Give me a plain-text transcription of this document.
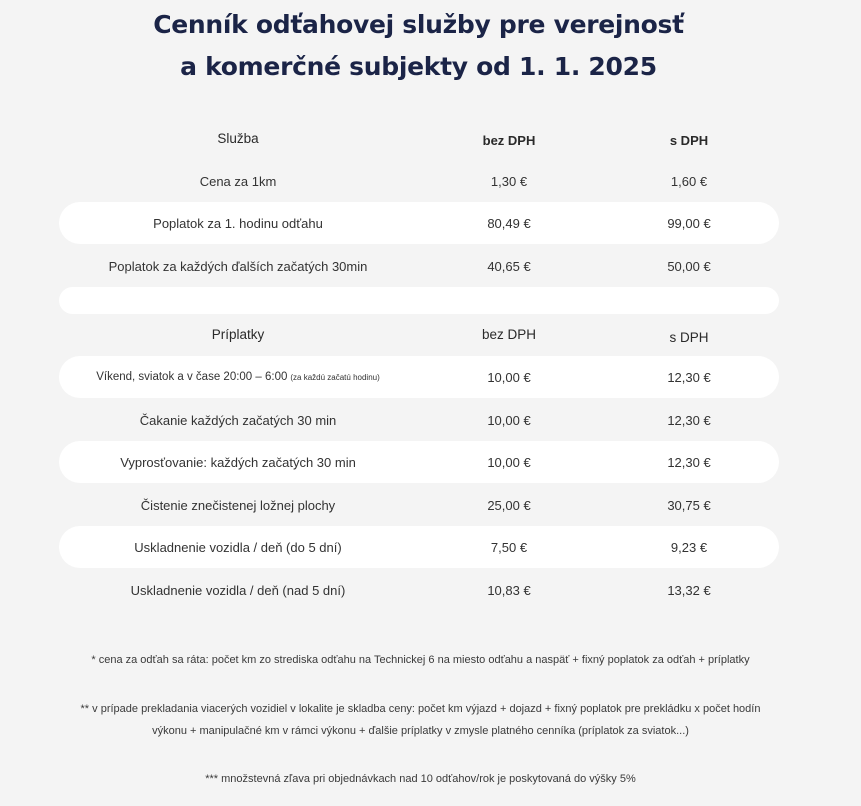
Cenník odťahovej služby pre verejnosť
a komerčné subjekty od 1. 1. 2025
Služba	bez DPH	s DPH
Cena za 1km	1,30 €	1,60 €
Poplatok za 1. hodinu odťahu	80,49 €	99,00 €
Poplatok za každých ďalších začatých 30min	40,65 €	50,00 €
Príplatky	bez DPH	s DPH
Víkend, sviatok a v čase 20:00 – 6:00 (za každú začatú hodinu)	10,00 €	12,30 €
Čakanie každých začatých 30 min	10,00 €	12,30 €
Vyprosťovanie: každých začatých 30 min	10,00 €	12,30 €
Čistenie znečistenej ložnej plochy	25,00 €	30,75 €
Uskladnenie vozidla / deň (do 5 dní)	7,50 €	9,23 €
Uskladnenie vozidla / deň (nad 5 dní)	10,83 €	13,32 €
* cena za odťah sa ráta: počet km zo strediska odťahu na Technickej 6 na miesto odťahu a naspäť + fixný poplatok za odťah + príplatky
** v prípade prekladania viacerých vozidiel v lokalite je skladba ceny: počet km výjazd + dojazd + fixný poplatok pre prekládku x počet hodín
výkonu + manipulačné km v rámci výkonu + ďalšie príplatky v zmysle platného cenníka (príplatok za sviatok...)
*** množstevná zľava pri objednávkach nad 10 odťahov/rok je poskytovaná do výšky 5%
